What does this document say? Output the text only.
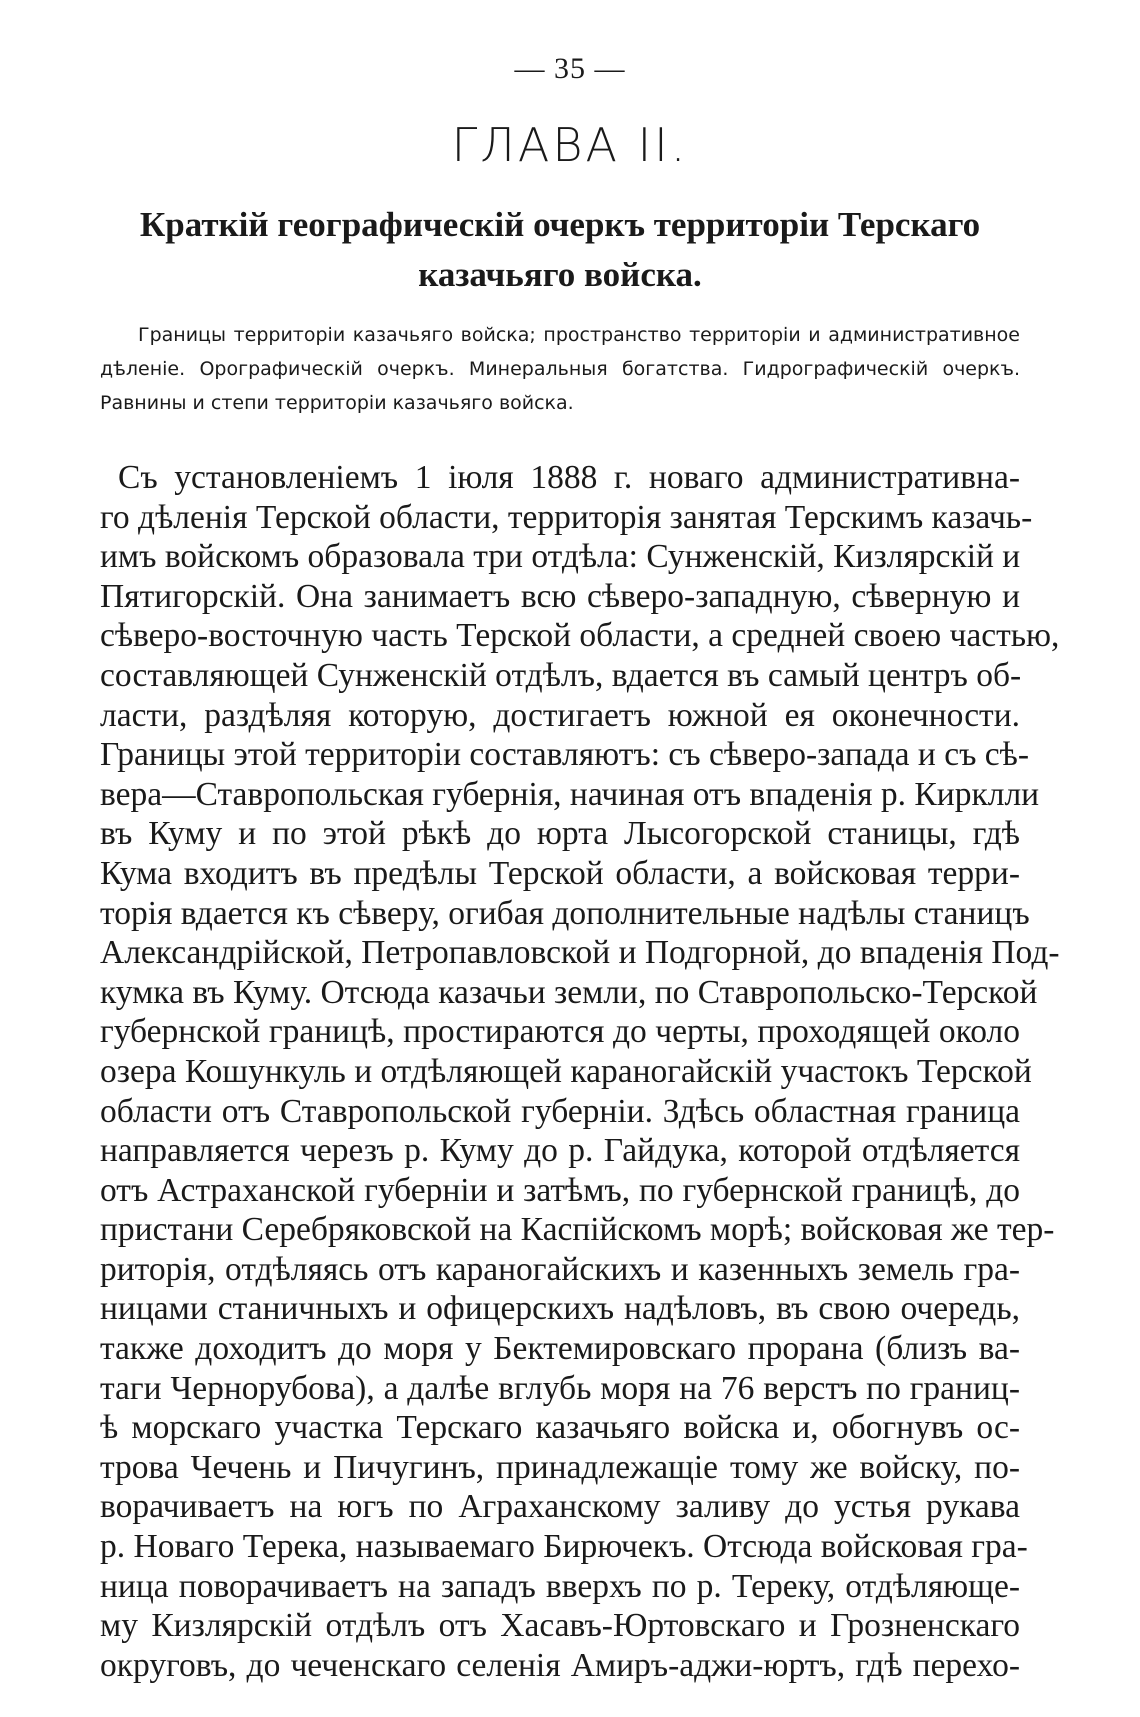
— 35 —
ГЛАВА II.
Краткій географическій очеркъ территоріи Терскаго казачьяго войска.
Границы территоріи казачьяго войска; пространство территоріи и административное дѣленіе. Орографическій очеркъ. Минеральныя богатства. Гидрографическій очеркъ. Равнины и степи территоріи казачьяго войска.
Съ установленіемъ 1 іюля 1888 г. новаго административна-
го дѣленія Терской области, территорія занятая Терскимъ казачь-
имъ войскомъ образовала три отдѣла: Сунженскій, Кизлярскій и
Пятигорскій. Она занимаетъ всю сѣверо-западную, сѣверную и
сѣверо-восточную часть Терской области, а средней своею частью,
составляющей Сунженскій отдѣлъ, вдается въ самый центръ об-
ласти, раздѣляя которую, достигаетъ южной ея оконечности.
Границы этой территоріи составляютъ: съ сѣверо-запада и съ сѣ-
вера—Ставропольская губернія, начиная отъ впаденія р. Кирклли
въ Куму и по этой рѣкѣ до юрта Лысогорской станицы, гдѣ
Кума входитъ въ предѣлы Терской области, а войсковая терри-
торія вдается къ сѣверу, огибая дополнительные надѣлы станицъ
Александрійской, Петропавловской и Подгорной, до впаденія Под-
кумка въ Куму. Отсюда казачьи земли, по Ставропольско-Терской
губернской границѣ, простираются до черты, проходящей около
озера Кошункуль и отдѣляющей караногайскій участокъ Терской
области отъ Ставропольской губерніи. Здѣсь областная граница
направляется черезъ р. Куму до р. Гайдука, которой отдѣляется
отъ Астраханской губерніи и затѣмъ, по губернской границѣ, до
пристани Серебряковской на Каспійскомъ морѣ; войсковая же тер-
риторія, отдѣляясь отъ караногайскихъ и казенныхъ земель гра-
ницами станичныхъ и офицерскихъ надѣловъ, въ свою очередь,
также доходитъ до моря у Бектемировскаго прорана (близъ ва-
таги Чернорубова), а далѣе вглубь моря на 76 верстъ по границ-
ѣ морскаго участка Терскаго казачьяго войска и, обогнувъ ос-
трова Чечень и Пичугинъ, принадлежащіе тому же войску, по-
ворачиваетъ на югъ по Аграханскому заливу до устья рукава
р. Новаго Терека, называемаго Бирючекъ. Отсюда войсковая гра-
ница поворачиваетъ на западъ вверхъ по р. Тереку, отдѣляюще-
му Кизлярскій отдѣлъ отъ Хасавъ-Юртовскаго и Грозненскаго
округовъ, до чеченскаго селенія Амиръ-аджи-юртъ, гдѣ перехо-
